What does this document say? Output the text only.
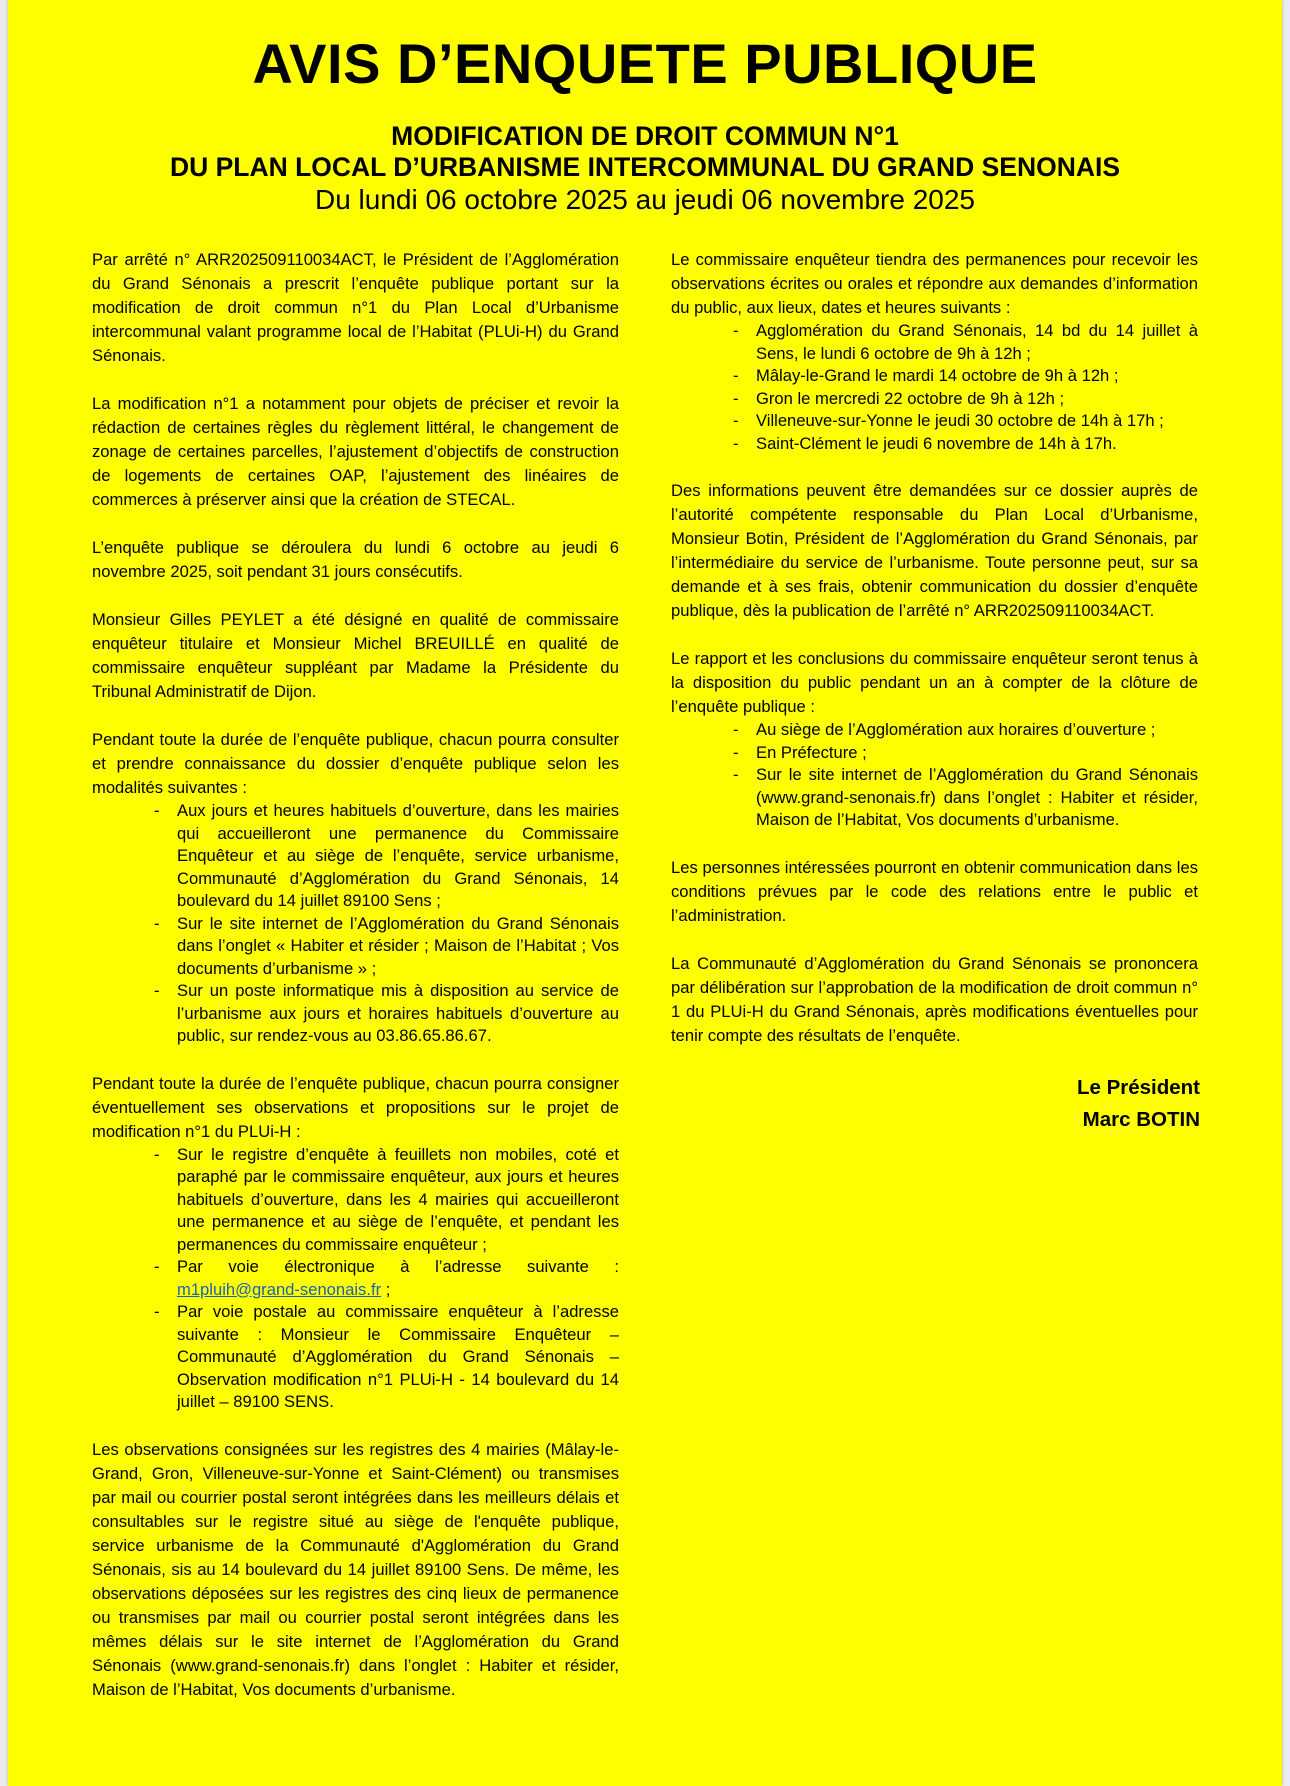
AVIS D’ENQUETE PUBLIQUE
MODIFICATION DE DROIT COMMUN N°1
DU PLAN LOCAL D’URBANISME INTERCOMMUNAL DU GRAND SENONAIS
Du lundi 06 octobre 2025 au jeudi 06 novembre 2025

Par arrêté n° ARR202509110034ACT, le Président de l’Agglomération du Grand Sénonais a prescrit l’enquête publique portant sur la modification de droit commun n°1 du Plan Local d’Urbanisme intercommunal valant programme local de l’Habitat (PLUi-H) du Grand Sénonais.

La modification n°1 a notamment pour objets de préciser et revoir la rédaction de certaines règles du règlement littéral, le changement de zonage de certaines parcelles, l’ajustement d’objectifs de construction de logements de certaines OAP, l’ajustement des linéaires de commerces à préserver ainsi que la création de STECAL.

L’enquête publique se déroulera du lundi 6 octobre au jeudi 6 novembre 2025, soit pendant 31 jours consécutifs.

Monsieur Gilles PEYLET a été désigné en qualité de commissaire enquêteur titulaire et Monsieur Michel BREUILLÉ en qualité de commissaire enquêteur suppléant par Madame la Présidente du Tribunal Administratif de Dijon.

Pendant toute la durée de l’enquête publique, chacun pourra consulter et prendre connaissance du dossier d’enquête publique selon les modalités suivantes :

- Aux jours et heures habituels d’ouverture, dans les mairies qui accueilleront une permanence du Commissaire Enquêteur et au siège de l’enquête, service urbanisme, Communauté d’Agglomération du Grand Sénonais, 14 boulevard du 14 juillet 89100 Sens ;
- Sur le site internet de l’Agglomération du Grand Sénonais dans l’onglet « Habiter et résider ; Maison de l’Habitat ; Vos documents d’urbanisme » ;
- Sur un poste informatique mis à disposition au service de l’urbanisme aux jours et horaires habituels d’ouverture au public, sur rendez-vous au 03.86.65.86.67.

Pendant toute la durée de l’enquête publique, chacun pourra consigner éventuellement ses observations et propositions sur le projet de modification n°1 du PLUi-H :

- Sur le registre d’enquête à feuillets non mobiles, coté et paraphé par le commissaire enquêteur, aux jours et heures habituels d’ouverture, dans les 4 mairies qui accueilleront une permanence et au siège de l’enquête, et pendant les permanences du commissaire enquêteur ;
- Par voie électronique à l’adresse suivante : m1pluih@grand-senonais.fr ;
- Par voie postale au commissaire enquêteur à l’adresse suivante : Monsieur le Commissaire Enquêteur – Communauté d’Agglomération du Grand Sénonais – Observation modification n°1 PLUi-H - 14 boulevard du 14 juillet – 89100 SENS.

Les observations consignées sur les registres des 4 mairies (Mâlay-le-Grand, Gron, Villeneuve-sur-Yonne et Saint-Clément) ou transmises par mail ou courrier postal seront intégrées dans les meilleurs délais et consultables sur le registre situé au siège de l'enquête publique, service urbanisme de la Communauté d'Agglomération du Grand Sénonais, sis au 14 boulevard du 14 juillet 89100 Sens. De même, les observations déposées sur les registres des cinq lieux de permanence ou transmises par mail ou courrier postal seront intégrées dans les mêmes délais sur le site internet de l’Agglomération du Grand Sénonais (www.grand-senonais.fr) dans l’onglet : Habiter et résider, Maison de l’Habitat, Vos documents d’urbanisme.

Le commissaire enquêteur tiendra des permanences pour recevoir les observations écrites ou orales et répondre aux demandes d’information du public, aux lieux, dates et heures suivants :

- Agglomération du Grand Sénonais, 14 bd du 14 juillet à Sens, le lundi 6 octobre de 9h à 12h ;
- Mâlay-le-Grand le mardi 14 octobre de 9h à 12h ;
- Gron le mercredi 22 octobre de 9h à 12h ;
- Villeneuve-sur-Yonne le jeudi 30 octobre de 14h à 17h ;
- Saint-Clément le jeudi 6 novembre de 14h à 17h.

Des informations peuvent être demandées sur ce dossier auprès de l’autorité compétente responsable du Plan Local d’Urbanisme, Monsieur Botin, Président de l’Agglomération du Grand Sénonais, par l’intermédiaire du service de l’urbanisme. Toute personne peut, sur sa demande et à ses frais, obtenir communication du dossier d’enquête publique, dès la publication de l’arrêté n° ARR202509110034ACT.

Le rapport et les conclusions du commissaire enquêteur seront tenus à la disposition du public pendant un an à compter de la clôture de l’enquête publique :

- Au siège de l’Agglomération aux horaires d’ouverture ;
- En Préfecture ;
- Sur le site internet de l’Agglomération du Grand Sénonais (www.grand-senonais.fr) dans l’onglet : Habiter et résider, Maison de l’Habitat, Vos documents d’urbanisme.

Les personnes intéressées pourront en obtenir communication dans les conditions prévues par le code des relations entre le public et l’administration.

La Communauté d’Agglomération du Grand Sénonais se prononcera par délibération sur l’approbation de la modification de droit commun n° 1 du PLUi-H du Grand Sénonais, après modifications éventuelles pour tenir compte des résultats de l’enquête.

Le Président
Marc BOTIN
